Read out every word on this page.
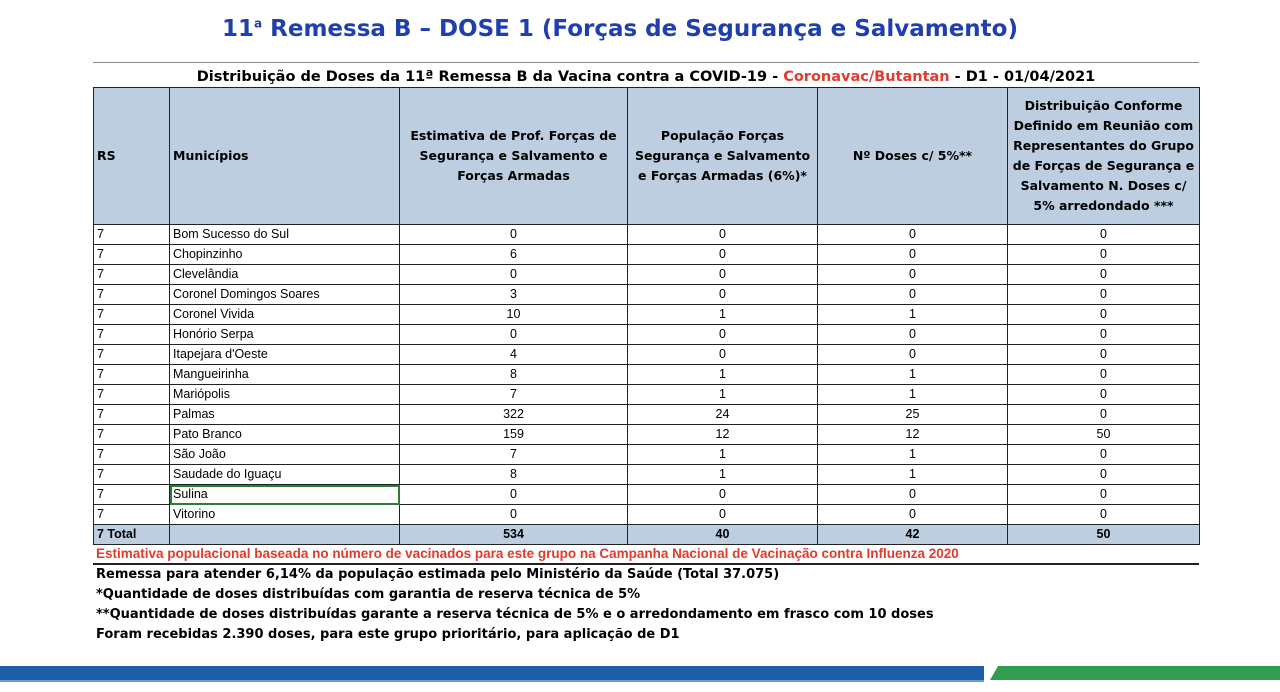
11$^a$ Remessa B – DOSE 1 (Forças de Segurança e Salvamento)
Distribuição de Doses da 11ª Remessa B da Vacina contra a COVID-19 - Coronavac/Butantan - D1 - 01/04/2021
RS	Municípios	Estimativa de Prof. Forças de Segurança e Salvamento e Forças Armadas	População Forças Segurança e Salvamento e Forças Armadas (6%)*	Nº Doses c/ 5%**	Distribuição Conforme Definido em Reunião com Representantes do Grupo de Forças de Segurança e Salvamento N. Doses c/ 5% arredondado ***
7	Bom Sucesso do Sul	0	0	0	0
7	Chopinzinho	6	0	0	0
7	Clevelândia	0	0	0	0
7	Coronel Domingos Soares	3	0	0	0
7	Coronel Vivida	10	1	1	0
7	Honório Serpa	0	0	0	0
7	Itapejara d'Oeste	4	0	0	0
7	Mangueirinha	8	1	1	0
7	Mariópolis	7	1	1	0
7	Palmas	322	24	25	0
7	Pato Branco	159	12	12	50
7	São João	7	1	1	0
7	Saudade do Iguaçu	8	1	1	0
7	Sulina	0	0	0	0
7	Vitorino	0	0	0	0
7 Total		534	40	42	50
Estimativa populacional baseada no número de vacinados para este grupo na Campanha Nacional de Vacinação contra Influenza 2020
Remessa para atender 6,14% da população estimada pelo Ministério da Saúde (Total 37.075)
*Quantidade de doses distribuídas com garantia de reserva técnica de 5%
**Quantidade de doses distribuídas garante a reserva técnica de 5% e o arredondamento em frasco com 10 doses
Foram recebidas 2.390 doses, para este grupo prioritário, para aplicação de D1
